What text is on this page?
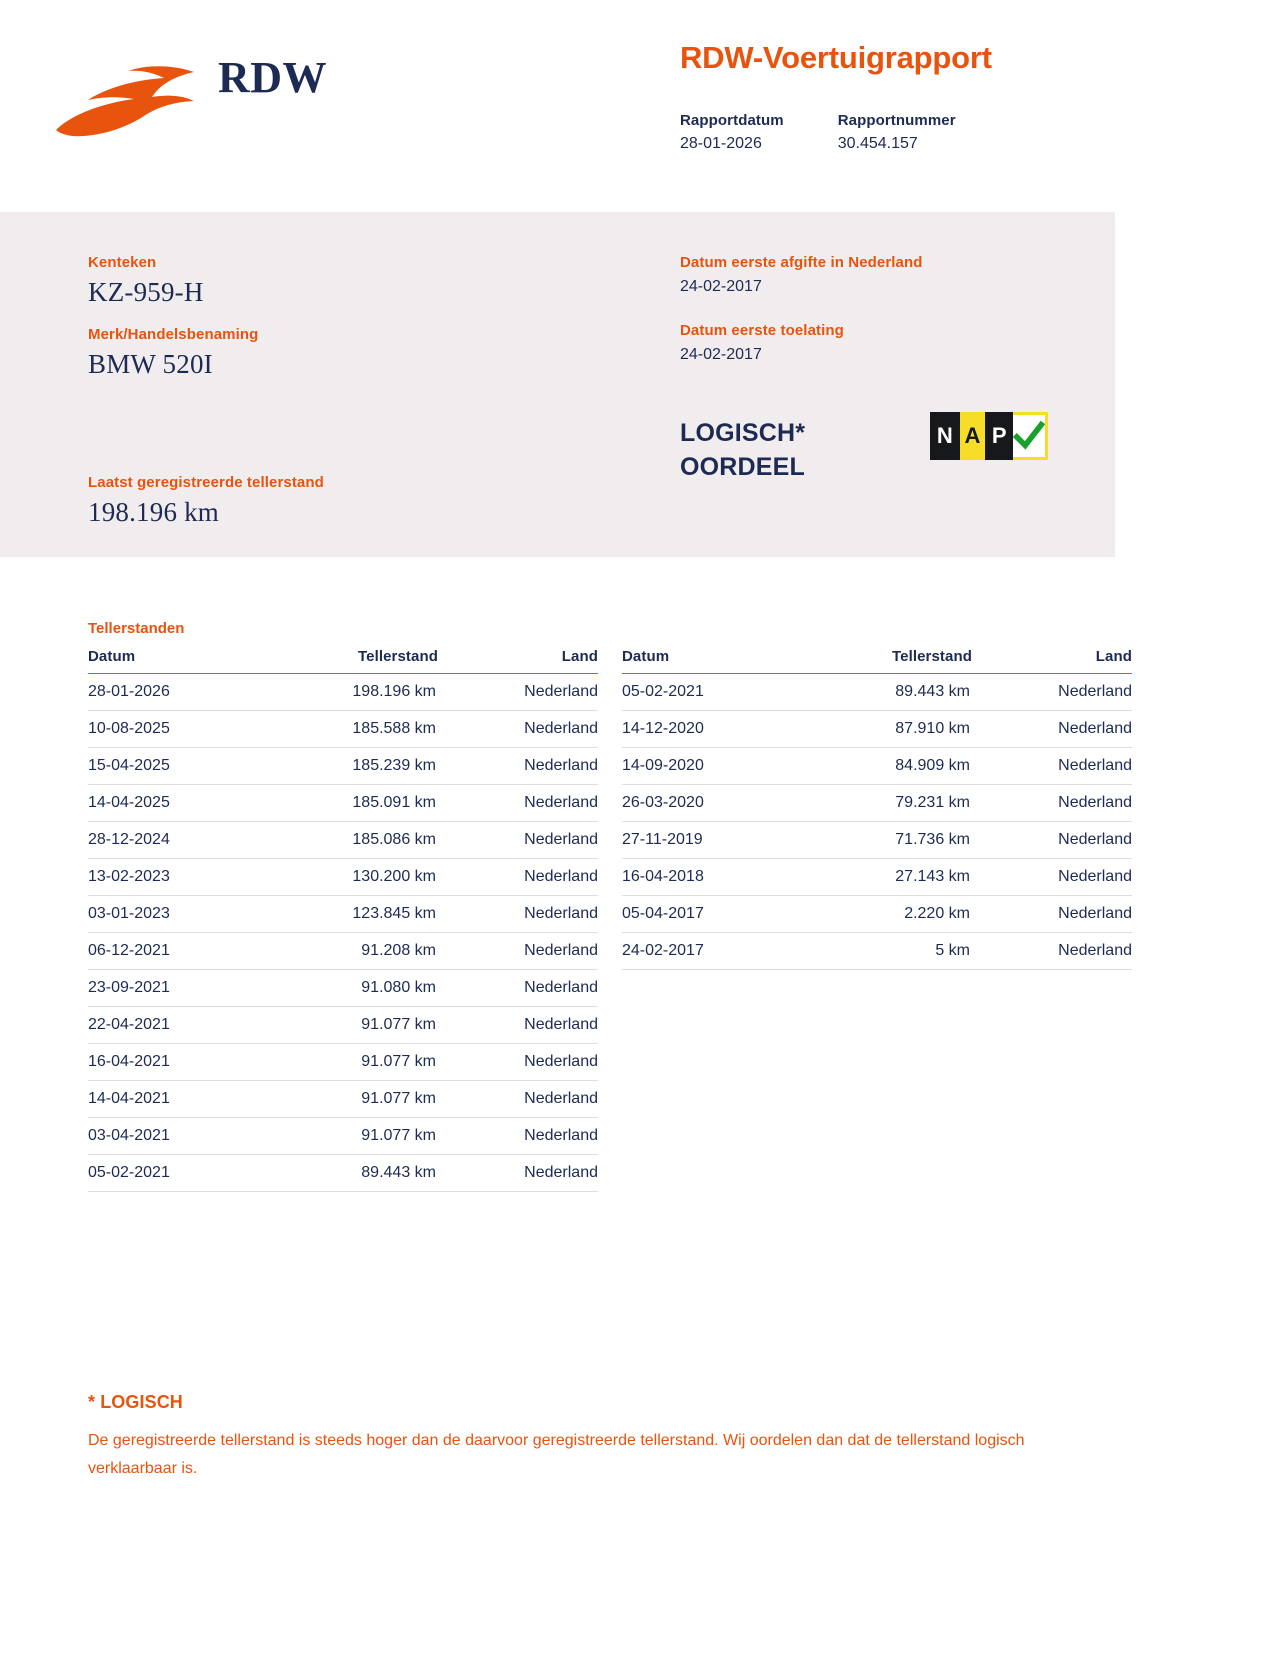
RDW	RDW-Voertuigrapport
Rapportdatum
28-01-2026
Rapportnummer
30.454.157
Kenteken
KZ-959-H
Merk/Handelsbenaming
BMW 520I
Laatst geregistreerde tellerstand
198.196 km
Datum eerste afgifte in Nederland
24-02-2017
Datum eerste toelating
24-02-2017
LOGISCH*
OORDEEL
N A P
Tellerstanden
Datum	Tellerstand	Land
28-01-2026	198.196 km	Nederland
10-08-2025	185.588 km	Nederland
15-04-2025	185.239 km	Nederland
14-04-2025	185.091 km	Nederland
28-12-2024	185.086 km	Nederland
13-02-2023	130.200 km	Nederland
03-01-2023	123.845 km	Nederland
06-12-2021	91.208 km	Nederland
23-09-2021	91.080 km	Nederland
22-04-2021	91.077 km	Nederland
16-04-2021	91.077 km	Nederland
14-04-2021	91.077 km	Nederland
03-04-2021	91.077 km	Nederland
05-02-2021	89.443 km	Nederland
Datum	Tellerstand	Land
05-02-2021	89.443 km	Nederland
14-12-2020	87.910 km	Nederland
14-09-2020	84.909 km	Nederland
26-03-2020	79.231 km	Nederland
27-11-2019	71.736 km	Nederland
16-04-2018	27.143 km	Nederland
05-04-2017	2.220 km	Nederland
24-02-2017	5 km	Nederland
* LOGISCH

De geregistreerde tellerstand is steeds hoger dan de daarvoor geregistreerde tellerstand. Wij oordelen dan dat de tellerstand logisch verklaarbaar is.
